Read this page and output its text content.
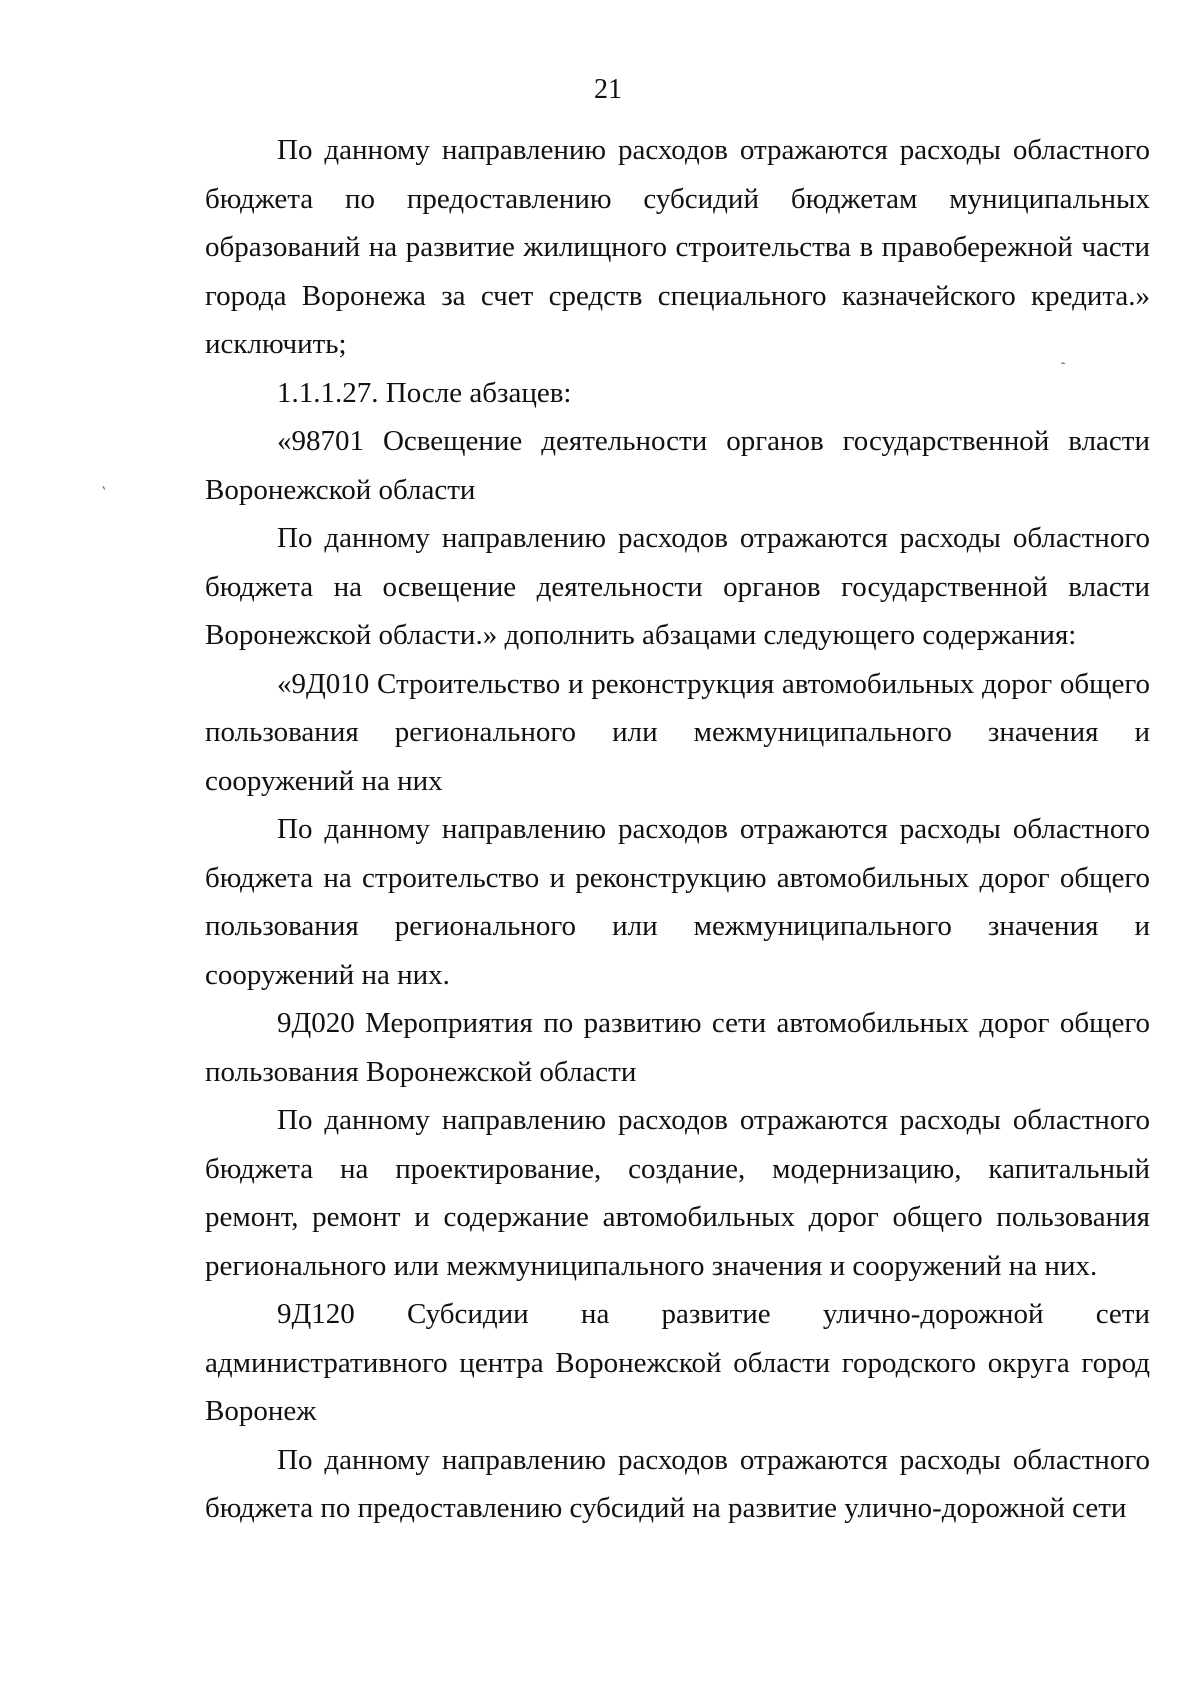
21

По данному направлению расходов отражаются расходы областного бюджета по предоставлению субсидий бюджетам муниципальных образований на развитие жилищного строительства в правобережной части города Воронежа за счет средств специального казначейского кредита.» исключить;

1.1.1.27. После абзацев:

«98701 Освещение деятельности органов государственной власти Воронежской области

По данному направлению расходов отражаются расходы областного бюджета на освещение деятельности органов государственной власти Воронежской области.» дополнить абзацами следующего содержания:

«9Д010 Строительство и реконструкция автомобильных дорог общего пользования регионального или межмуниципального значения и сооружений на них

По данному направлению расходов отражаются расходы областного бюджета на строительство и реконструкцию автомобильных дорог общего пользования регионального или межмуниципального значения и сооружений на них.

9Д020 Мероприятия по развитию сети автомобильных дорог общего пользования Воронежской области

По данному направлению расходов отражаются расходы областного бюджета на проектирование, создание, модернизацию, капитальный ремонт, ремонт и содержание автомобильных дорог общего пользования регионального или межмуниципального значения и сооружений на них.

9Д120 Субсидии на развитие улично-дорожной сети административного центра Воронежской области городского округа город Воронеж

По данному направлению расходов отражаются расходы областного бюджета по предоставлению субсидий на развитие улично-дорожной сети

ˏ
ˋ
